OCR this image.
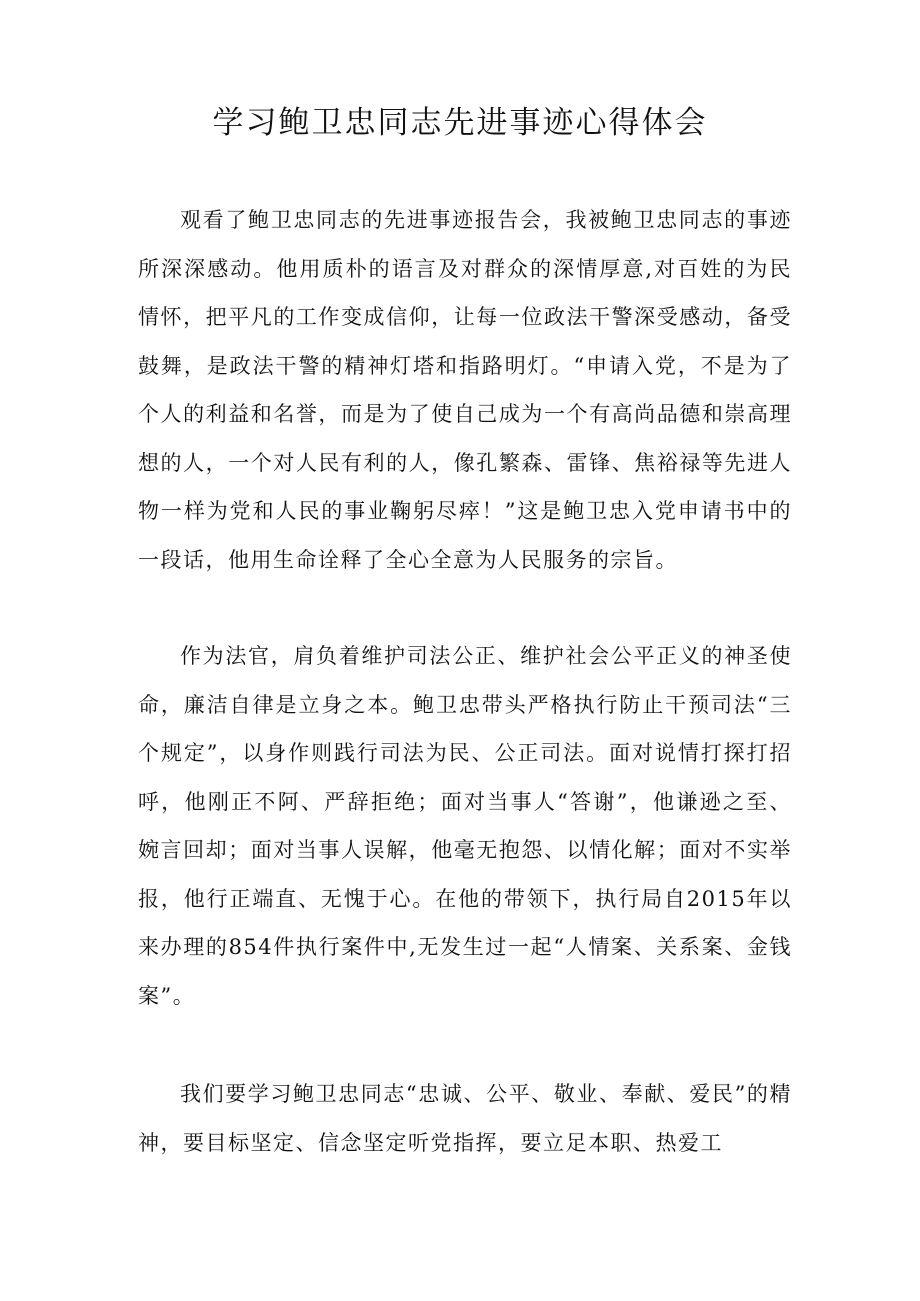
学习鲍卫忠同志先进事迹心得体会

观看了鲍卫忠同志的先进事迹报告会，我被鲍卫忠同志的事迹所深深感动。他用质朴的语言及对群众的深情厚意,对百姓的为民情怀，把平凡的工作变成信仰，让每一位政法干警深受感动，备受鼓舞，是政法干警的精神灯塔和指路明灯。“申请入党，不是为了个人的利益和名誉，而是为了使自己成为一个有高尚品德和崇高理想的人，一个对人民有利的人，像孔繁森、雷锋、焦裕禄等先进人物一样为党和人民的事业鞠躬尽瘁！”这是鲍卫忠入党申请书中的一段话，他用生命诠释了全心全意为人民服务的宗旨。

作为法官，肩负着维护司法公正、维护社会公平正义的神圣使命，廉洁自律是立身之本。鲍卫忠带头严格执行防止干预司法“三个规定”，以身作则践行司法为民、公正司法。面对说情打探打招呼，他刚正不阿、严辞拒绝；面对当事人“答谢”，他谦逊之至、婉言回却；面对当事人误解，他毫无抱怨、以情化解；面对不实举报，他行正端直、无愧于心。在他的带领下，执行局自2015年以来办理的854件执行案件中,无发生过一起“人情案、关系案、金钱案”。

我们要学习鲍卫忠同志“忠诚、公平、敬业、奉献、爱民”的精神，要目标坚定、信念坚定听党指挥，要立足本职、热爱工
